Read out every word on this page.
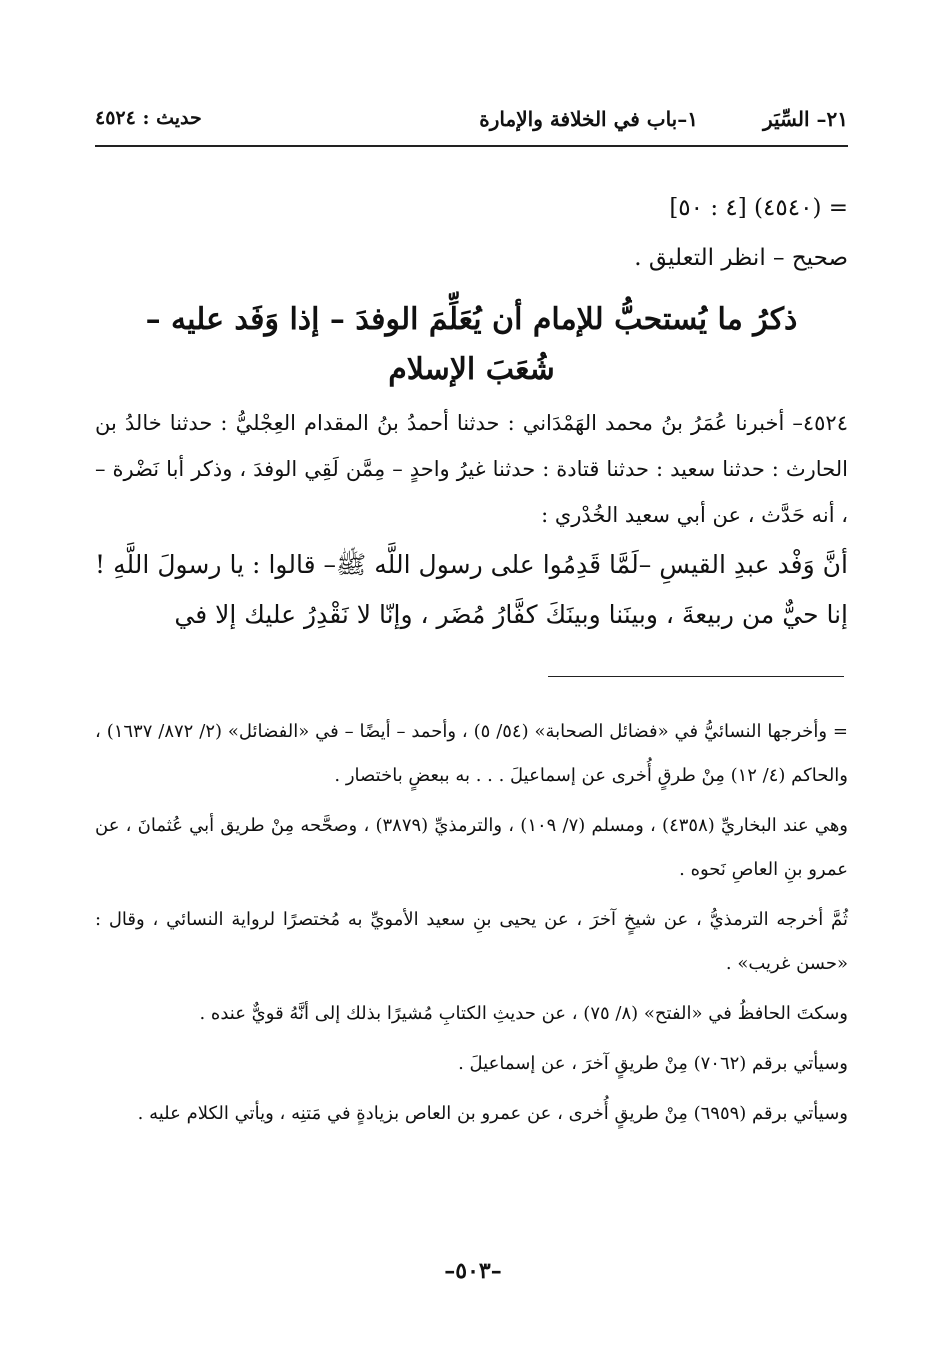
٢١– السِّيَر
١–باب في الخلافة والإمارة
حديث : ٤٥٢٤
= (٤٥٤٠) [٤ : ٥٠]
صحيح – انظر التعليق .
ذكرُ ما يُستحبُّ للإمام أن يُعَلِّمَ الوفدَ – إذا وَفَد عليه –
شُعَبَ الإسلام

٤٥٢٤– أخبرنا عُمَرُ بنُ محمد الهَمْدَاني : حدثنا أحمدُ بنُ المقدام العِجْليُّ : حدثنا خالدُ بن الحارث : حدثنا سعيد : حدثنا قتادة : حدثنا غيرُ واحدٍ – مِمَّن لَقِي الوفدَ ، وذكر أبا نَضْرة – ، أنه حَدَّث ، عن أبي سعيد الخُدْري :

أنَّ وَفْد عبدِ القيسِ –لَمَّا قَدِمُوا على رسول اللَّه ﷺ– قالوا : يا رسولَ اللَّهِ ! إنا حيٌّ من ربيعةَ ، وبينَنا وبينَكَ كفَّارُ مُضَر ، وإنّا لا نَقْدِرُ عليك إلا في

= وأخرجها النسائيُّ في «فضائل الصحابة» (٥٤/ ٥) ، وأحمد – أيضًا – في «الفضائل» (٢/ ٨٧٢/ ١٦٣٧) ، والحاكم (٤/ ١٢) مِنْ طرقٍ أُخرى عن إسماعيلَ . . . به ببعضٍ باختصار .

وهي عند البخاريِّ (٤٣٥٨) ، ومسلم (٧/ ١٠٩) ، والترمذيِّ (٣٨٧٩) ، وصحَّحه مِنْ طريق أبي عُثمانَ ، عن عمرو بنِ العاصِ نَحوه .

ثُمَّ أخرجه الترمذيُّ ، عن شيخٍ آخرَ ، عن يحيى بنِ سعيد الأمويِّ به مُختصرًا لرواية النسائي ، وقال : «حسن غريب» .

وسكتَ الحافظُ في «الفتح» (٨/ ٧٥) ، عن حديثِ الكتابِ مُشيرًا بذلك إلى أنَّهُ قويٌّ عنده .

وسيأتي برقم (٧٠٦٢) مِنْ طريقٍ آخرَ ، عن إسماعيلَ .

وسيأتي برقم (٦٩٥٩) مِنْ طريقٍ أُخرى ، عن عمرو بن العاص بزيادةٍ في مَتنِه ، ويأتي الكلام عليه .

–٥٠٣–
